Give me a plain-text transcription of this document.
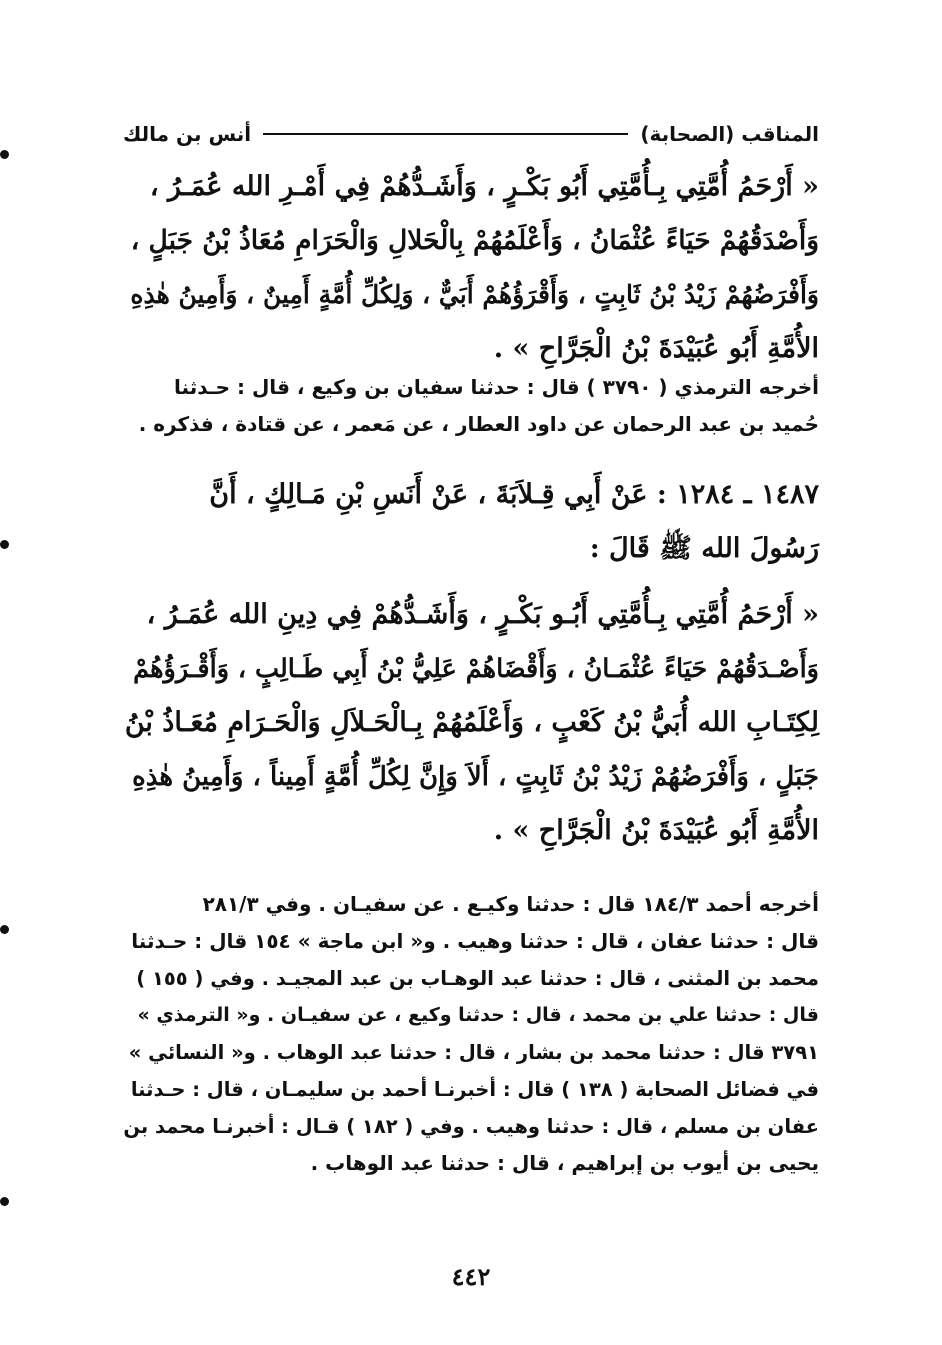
المناقب (الصحابة)
أنس بن مالك
« أَرْحَمُ أُمَّتِي بِـأُمَّتِي أَبُو بَكْـرٍ ، وَأَشَـدُّهُمْ فِي أَمْـرِ الله عُمَـرُ ،
وَأَصْدَقُهُمْ حَيَاءً عُثْمَانُ ، وَأَعْلَمُهُمْ بِالْحَلالِ وَالْحَرَامِ مُعَاذُ بْنُ جَبَلٍ ،
وَأَفْرَضُهُمْ زَيْدُ بْنُ ثَابِتٍ ، وَأَقْرَؤُهُمْ أَبَيٌّ ، وَلِكُلِّ أُمَّةٍ أَمِينٌ ، وَأَمِينُ هٰذِهِ
الأُمَّةِ أَبُو عُبَيْدَةَ بْنُ الْجَرَّاحِ » .
أخرجه الترمذي ( ٣٧٩٠ ) قال : حدثنا سفيان بن وكيع ، قال : حـدثنا
حُميد بن عبد الرحمان عن داود العطار ، عن مَعمر ، عن قتادة ، فذكره .
١٤٨٧ ـ ١٢٨٤ : عَنْ أَبِي قِـلاَبَةَ ، عَنْ أَنَسِ بْنِ مَـالِكٍ ، أَنَّ
رَسُولَ الله ﷺ قَالَ :
« أَرْحَمُ أُمَّتِي بِـأُمَّتِي أَبُـو بَكْـرٍ ، وَأَشَـدُّهُمْ فِي دِينِ الله عُمَـرُ ،
وَأَصْـدَقُهُمْ حَيَاءً عُثْمَـانُ ، وَأَقْضَاهُمْ عَلِيُّ بْنُ أَبِي طَـالِبٍ ، وَأَقْـرَؤُهُمْ
لِكِتَـابِ الله أُبَيُّ بْنُ كَعْبٍ ، وَأَعْلَمُهُمْ بِـالْحَـلاَلِ وَالْحَـرَامِ مُعَـاذُ بْنُ
جَبَلٍ ، وَأَفْرَضُهُمْ زَيْدُ بْنُ ثَابِتٍ ، أَلاَ وَإِنَّ لِكُلِّ أُمَّةٍ أَمِيناً ، وَأَمِينُ هٰذِهِ
الأُمَّةِ أَبُو عُبَيْدَةَ بْنُ الْجَرَّاحِ » .
أخرجه أحمد ١٨٤/٣ قال : حدثنا وكيـع . عن سفيـان . وفي ٢٨١/٣
قال : حدثنا عفان ، قال : حدثنا وهيب . و« ابن ماجة » ١٥٤ قال : حـدثنا
محمد بن المثنى ، قال : حدثنا عبد الوهـاب بن عبد المجيـد . وفي ( ١٥٥ )
قال : حدثنا علي بن محمد ، قال : حدثنا وكيع ، عن سفيـان . و« الترمذي »
٣٧٩١ قال : حدثنا محمد بن بشار ، قال : حدثنا عبد الوهاب . و« النسائي »
في فضائل الصحابة ( ١٣٨ ) قال : أخبرنـا أحمد بن سليمـان ، قال : حـدثنا
عفان بن مسلم ، قال : حدثنا وهيب . وفي ( ١٨٢ ) قـال : أخبرنـا محمد بن
يحيى بن أيوب بن إبراهيم ، قال : حدثنا عبد الوهاب .
٤٤٢
